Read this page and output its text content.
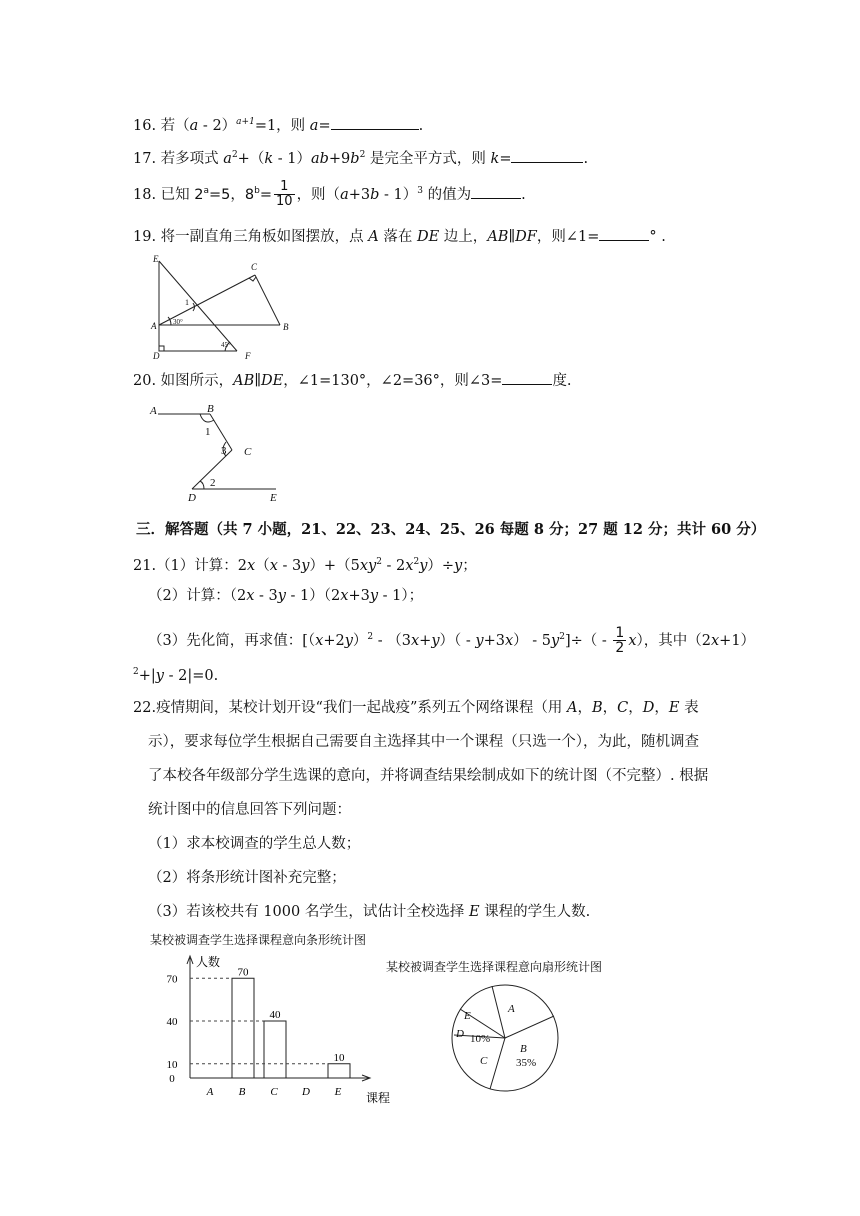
16. 若（a - 2）$^{a+1}$=1，则 a=	.
17. 若多项式 $a^2+(k - 1)ab+9b^2$ 是完全平方式，则 k=	.
18. 已知 $2^a=5$，$8^b= \frac{1}{10}$ ，则$(a+3b - 1)^3$ 的值为	.
19. 将一副直角三角板如图摆放，点 A 落在 DE 边上，AB∥DF，则∠1=	° .
E
C
1
A 30°	B
D
45°
F
20. 如图所示，AB∥DE，∠1=130°，∠2=36°，则∠3=	度.
A	B
1
3 C
2
D	E
三．解答题（共 7 小题，21、22、23、24、25、26 每题 8 分；27 题 12 分；共计 60 分）
21.（1）计算：$2x(x - 3y)+(5xy^2 - 2x^2y)\div y$；
（2）计算：（2x - 3y - 1）（2x+3y - 1）；
（3）先化简，再求值：$[(x+2y)^2 - (3x+y)( - y+3x) - 5y^2]\div( - \frac{1}{2} x)$，其中（2x+1）
$^2$+|y - 2|=0.
22.疫情期间，某校计划开设“我们一起战疫”系列五个网络课程（用 A，B，C，D，E 表
示），要求每位学生根据自己需要自主选择其中一个课程（只选一个），为此，随机调查
了本校各年级部分学生选课的意向，并将调查结果绘制成如下的统计图（不完整）. 根据
统计图中的信息回答下列问题：
（1）求本校调查的学生总人数；
（2）将条形统计图补充完整；
（3）若该校共有 1000 名学生，试估计全校选择 E 课程的学生人数.
某校被调查学生选择课程意向条形统计图
人数
课程
0
10
40
70
A B
70
C
40
D E
10
某校被调查学生选择课程意向扇形统计图
A
B
35%
C
D 10%
E
